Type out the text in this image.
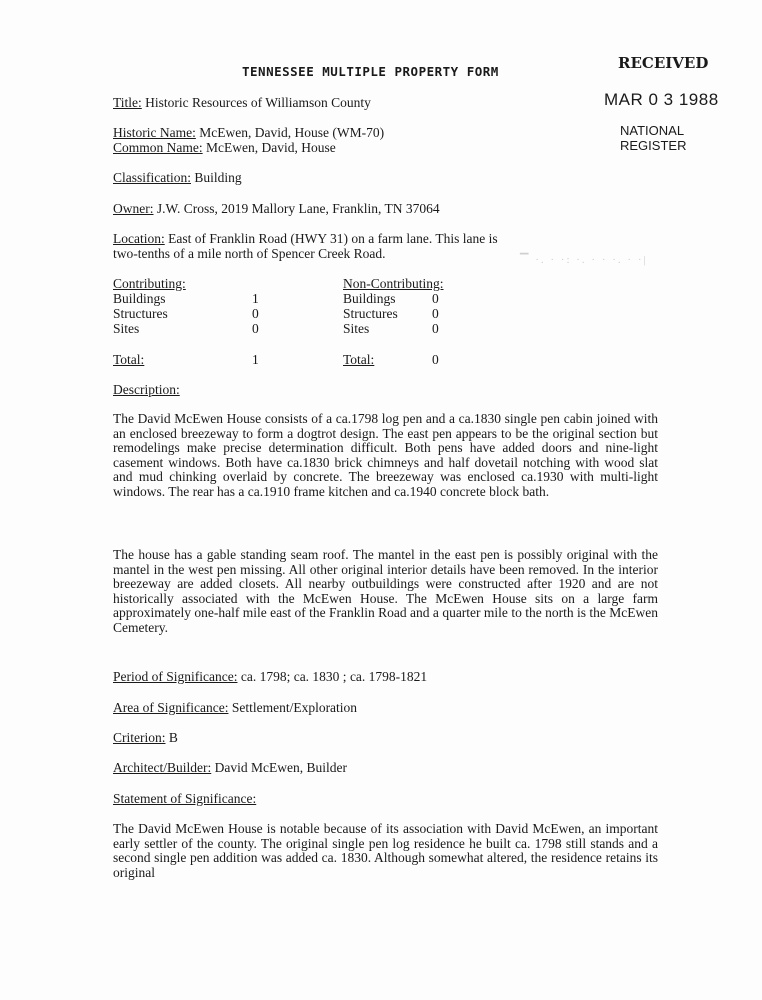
TENNESSEE MULTIPLE PROPERTY FORM	RECEIVED
MAR 0 3 1988
NATIONAL
REGISTER
Title: Historic Resources of Williamson County
Historic Name: McEwen, David, House (WM-70)
Common Name: McEwen, David, House
Classification: Building
Owner: J.W. Cross, 2019 Mallory Lane, Franklin, TN 37064
Location: East of Franklin Road (HWY 31) on a farm lane. This lane is
two-tenths of a mile north of Spencer Creek Road.	▔ ·. · ·: ·. · · ·. · ·|
Contributing:
Buildings	1
Structures	0
Sites	0
Total:	1
Non-Contributing:
Buildings	0
Structures	0
Sites	0
Total:	0
Description:

The David McEwen House consists of a ca.1798 log pen and a ca.1830 single pen cabin joined with an enclosed breezeway to form a dogtrot design. The east pen appears to be the original section but remodelings make precise determination difficult. Both pens have added doors and nine-light casement windows. Both have ca.1830 brick chimneys and half dovetail notching with wood slat and mud chinking overlaid by concrete. The breezeway was enclosed ca.1930 with multi-light windows. The rear has a ca.1910 frame kitchen and ca.1940 concrete block bath.

The house has a gable standing seam roof. The mantel in the east pen is possibly original with the mantel in the west pen missing. All other original interior details have been removed. In the interior breezeway are added closets. All nearby outbuildings were constructed after 1920 and are not historically associated with the McEwen House. The McEwen House sits on a large farm approximately one-half mile east of the Franklin Road and a quarter mile to the north is the McEwen Cemetery.

Period of Significance: ca. 1798; ca. 1830 ; ca. 1798-1821
Area of Significance: Settlement/Exploration
Criterion: B
Architect/Builder: David McEwen, Builder
Statement of Significance:

The David McEwen House is notable because of its association with David McEwen, an important early settler of the county. The original single pen log residence he built ca. 1798 still stands and a second single pen addition was added ca. 1830. Although somewhat altered, the residence retains its original
